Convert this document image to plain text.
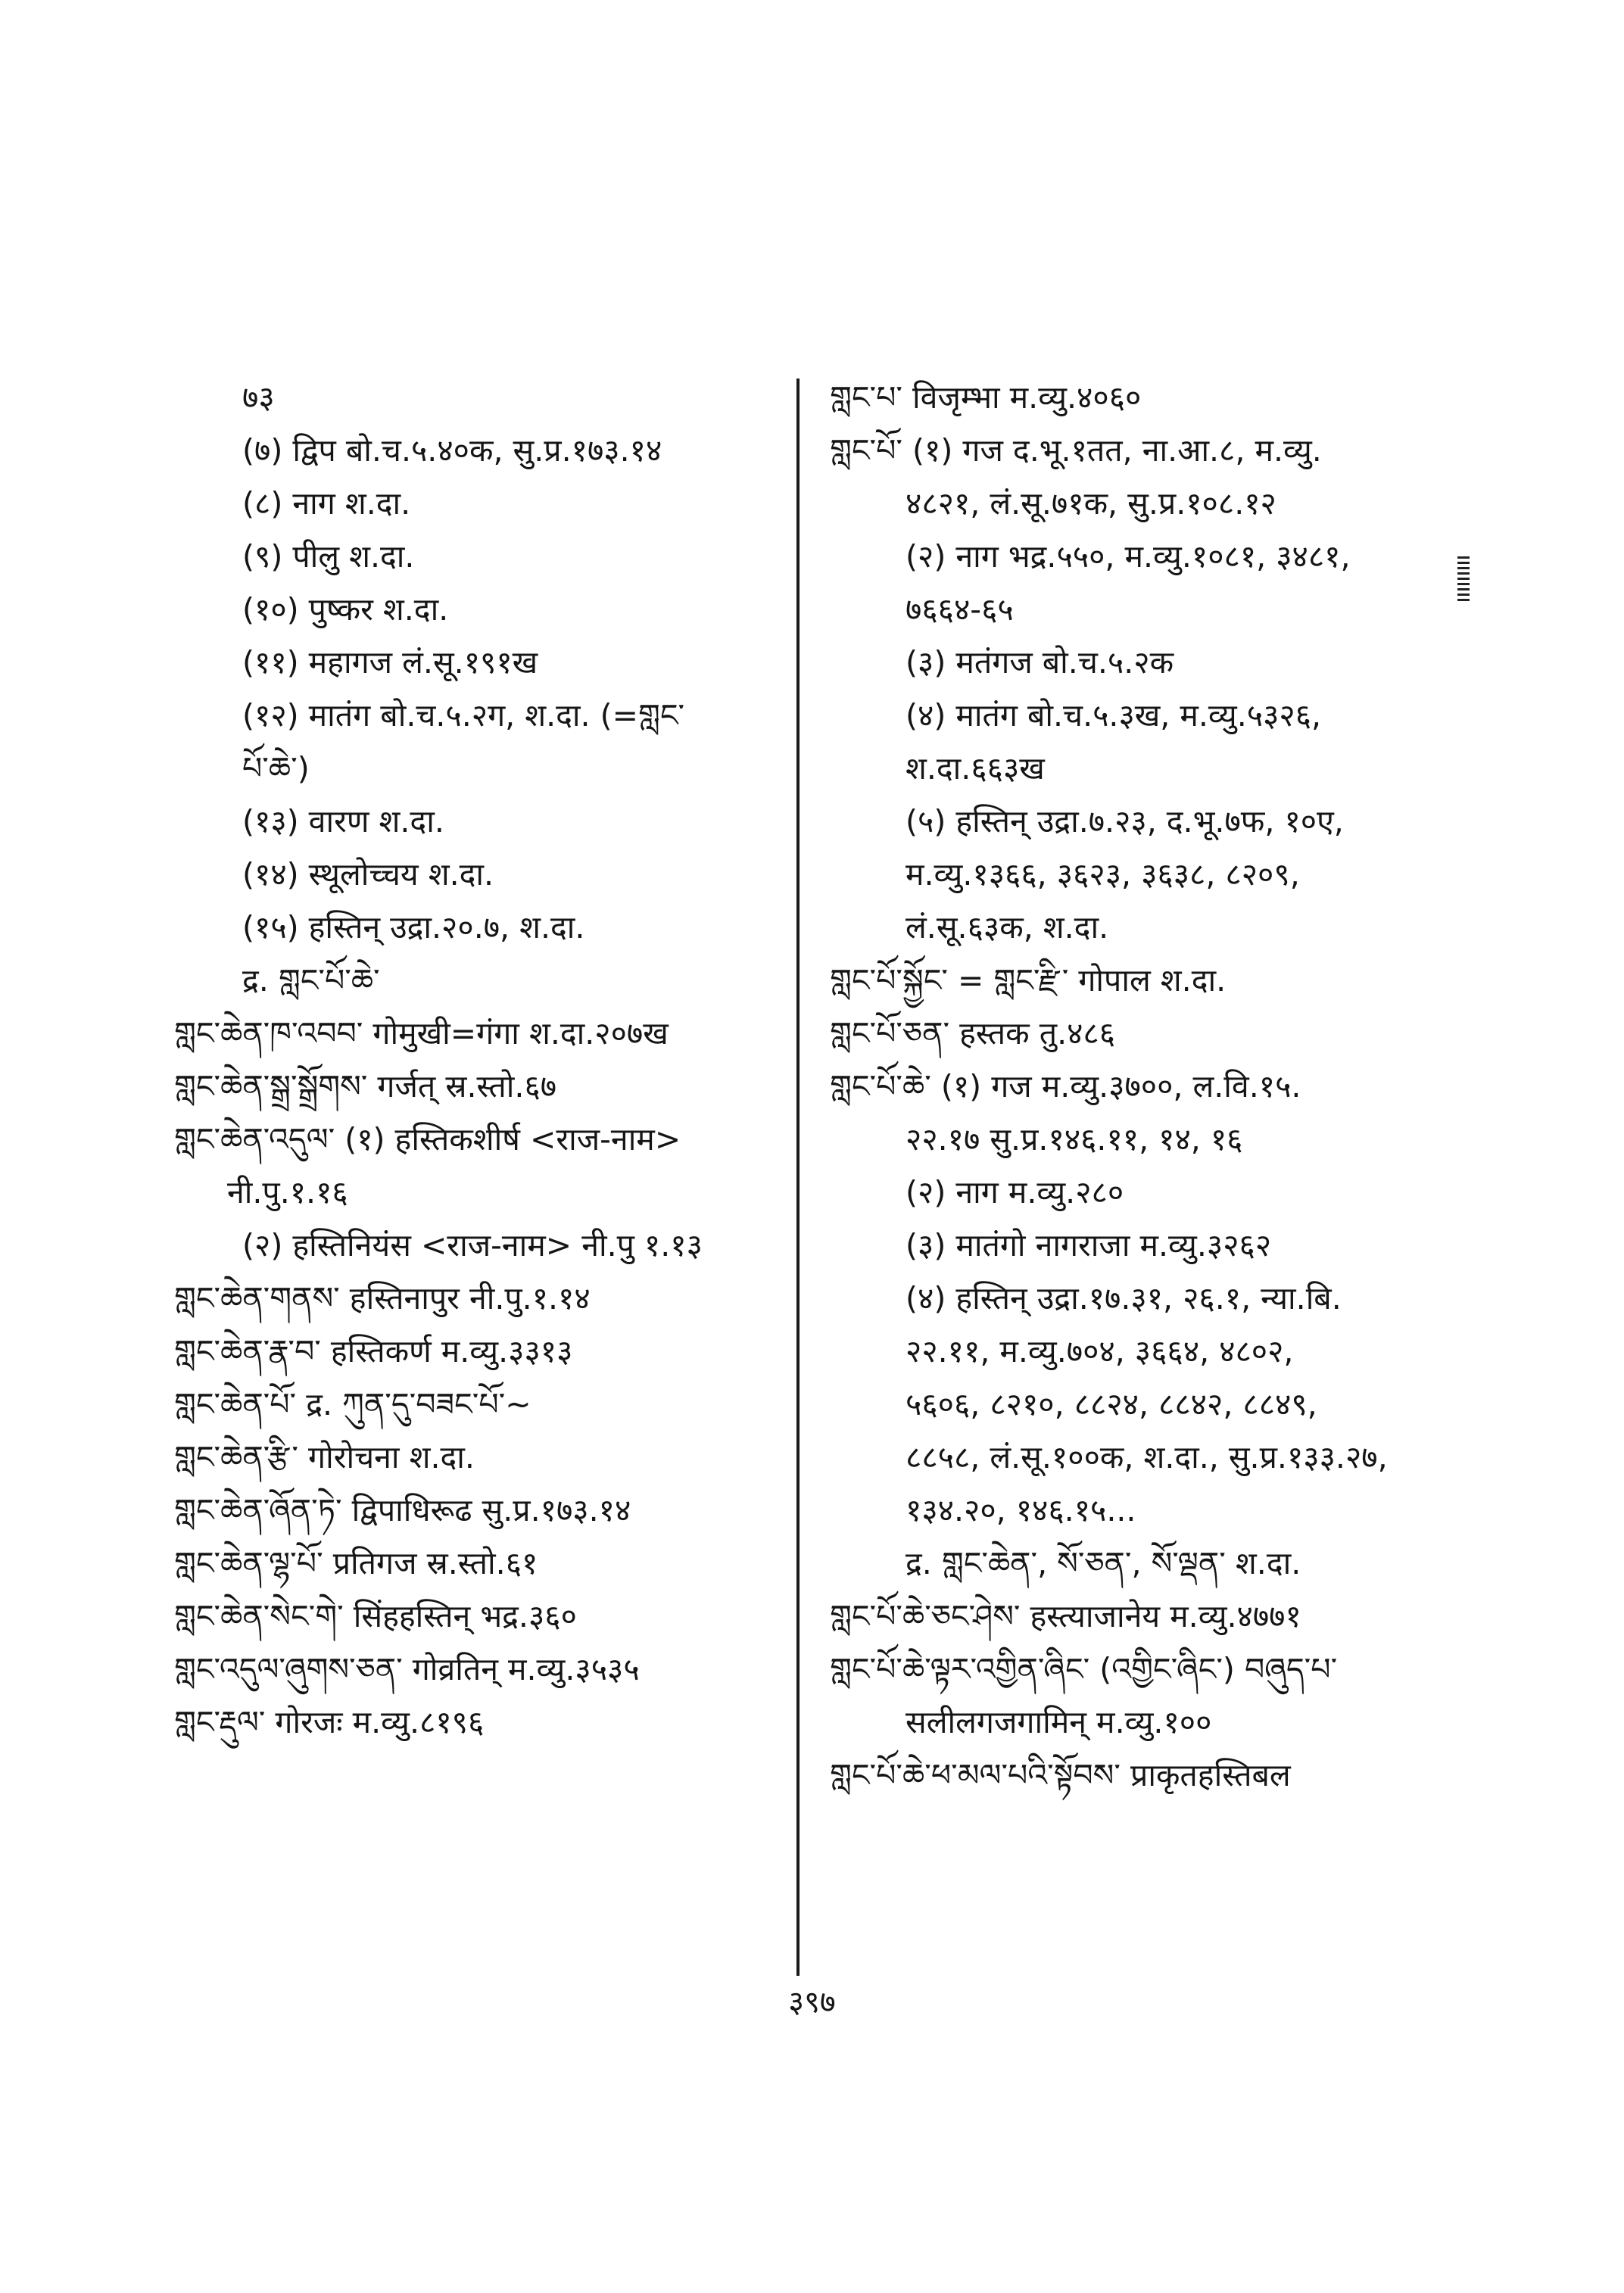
७३
(७) द्विप बो.च.५.४०क, सु.प्र.१७३.१४
(८) नाग श.दा.
(९) पीलु श.दा.
(१०) पुष्कर श.दा.
(११) महागज लं.सू.१९१ख
(१२) मातंग बो.च.५.२ग, श.दा. (=གླང་
པོ་ཆེ་)
(१३) वारण श.दा.
(१४) स्थूलोच्चय श.दा.
(१५) हस्तिन् उद्रा.२०.७, श.दा.
द्र. གླང་པོ་ཆེ་
གླང་ཆེན་ཁ་འབབ་ गोमुखी=गंगा श.दा.२०७ख
གླང་ཆེན་སྒྲ་སྒྲོགས་ गर्जत् स्र.स्तो.६७
གླང་ཆེན་འདུལ་ (१) हस्तिकशीर्ष <राज-नाम>
नी.पु.१.१६
(२) हस्तिनियंस <राज-नाम> नी.पु १.१३
གླང་ཆེན་གནས་ हस्तिनापुर नी.पु.१.१४
གླང་ཆེན་རྣ་བ་ हस्तिकर्ण म.व्यु.३३१३
གླང་ཆེན་པོ་ द्र. ཀུན་དུ་བཟང་པོ་~
གླང་ཆེན་རྩི་ गोरोचना श.दा.
གླང་ཆེན་ཞོན་ཏེ་ द्विपाधिरूढ सु.प्र.१७३.१४
གླང་ཆེན་ལྷ་པོ་ प्रतिगज स्र.स्तो.६१
གླང་ཆེན་སེང་གེ་ सिंहहस्तिन् भद्र.३६०
གླང་འདུལ་ཞུགས་ཅན་ गोव्रतिन् म.व्यु.३५३५
གླང་རྡུལ་ गोरजः म.व्यु.८१९६
གླང་པ་ विजृम्भा म.व्यु.४०६०
གླང་པོ་ (१) गज द.भू.१तत, ना.आ.८, म.व्यु.
४८२१, लं.सू.७१क, सु.प्र.१०८.१२
(२) नाग भद्र.५५०, म.व्यु.१०८१, ३४८१,
७६६४-६५
(३) मतंगज बो.च.५.२क
(४) मातंग बो.च.५.३ख, म.व्यु.५३२६,
श.दा.६६३ख
(५) हस्तिन् उद्रा.७.२३, द.भू.७फ, १०ए,
म.व्यु.१३६६, ३६२३, ३६३८, ८२०९,
लं.सू.६३क, श.दा.
གླང་པོ་སྐྱོང་ = གླང་རྫི་ गोपाल श.दा.
གླང་པོ་ཅན་ हस्तक तु.४८६
གླང་པོ་ཆེ་ (१) गज म.व्यु.३७००, ल.वि.१५.
२२.१७ सु.प्र.१४६.११, १४, १६
(२) नाग म.व्यु.२८०
(३) मातंगो नागराजा म.व्यु.३२६२
(४) हस्तिन् उद्रा.१७.३१, २६.१, न्या.बि.
२२.११, म.व्यु.७०४, ३६६४, ४८०२,
५६०६, ८२१०, ८८२४, ८८४२, ८८४९,
८८५८, लं.सू.१००क, श.दा., सु.प्र.१३३.२७,
१३४.२०, १४६.१५...
द्र. གླང་ཆེན་, སོ་ཅན་, སོ་ལྡན་ श.दा.
གླང་པོ་ཆེ་ཅང་ཤེས་ हस्त्याजानेय म.व्यु.४७७१
གླང་པོ་ཆེ་ལྟར་འགྱིན་ཞིང་ (འགྱིང་ཞིང་) བཞུད་པ་
सलीलगजगामिन् म.व्यु.१००
གླང་པོ་ཆེ་ཕ་མལ་པའི་སྟོབས་ प्राकृतहस्तिबल
३९७
